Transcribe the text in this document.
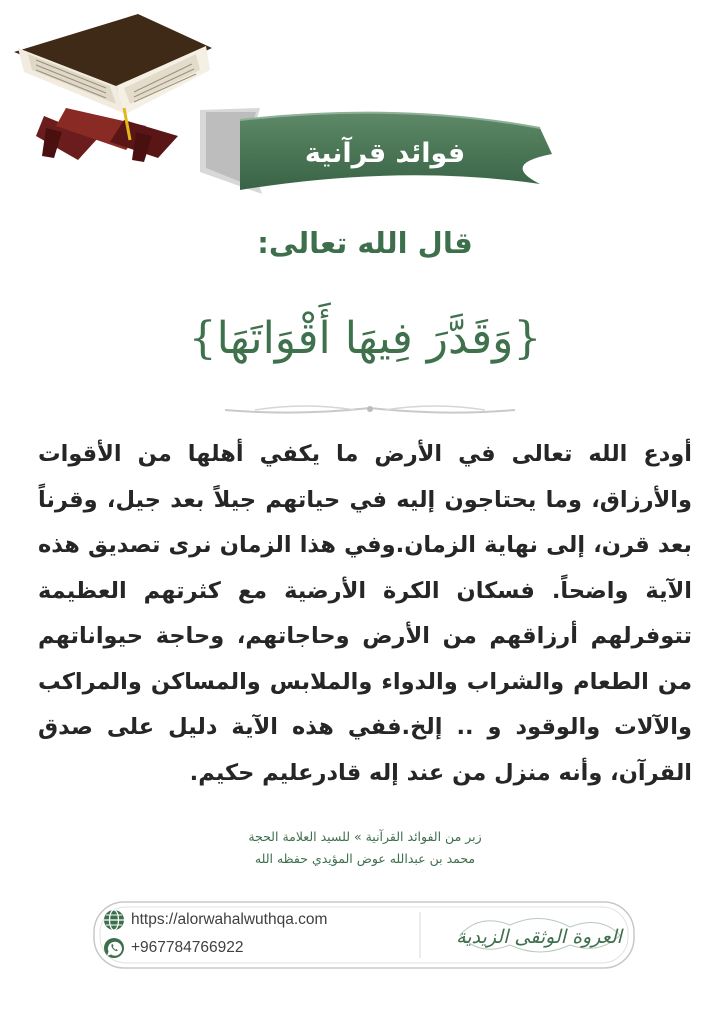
فوائد قرآنية
قال الله تعالى:
{وَقَدَّرَ فِيهَا أَقْوَاتَهَا}

أودع الله تعالى في الأرض ما يكفي أهلها من الأقوات والأرزاق، وما يحتاجون إليه في حياتهم جيلاً بعد جيل، وقرناً بعد قرن، إلى نهاية الزمان.وفي هذا الزمان نرى تصديق هذه الآية واضحاً. فسكان الكرة الأرضية مع كثرتهم العظيمة تتوفرلهم أرزاقهم من الأرض وحاجاتهم، وحاجة حيواناتهم من الطعام والشراب والدواء والملابس والمساكن والمراكب والآلات والوقود و .. إلخ.ففي هذه الآية دليل على صدق القرآن، وأنه منزل من عند إله قادرعليم حكيم.

زبر من الفوائد القرآنية » للسيد العلامة الحجة
محمد بن عبدالله عوض المؤيدي حفظه الله
https://alorwahalwuthqa.com
+967784766922	العروة الوثقى الزيدية
